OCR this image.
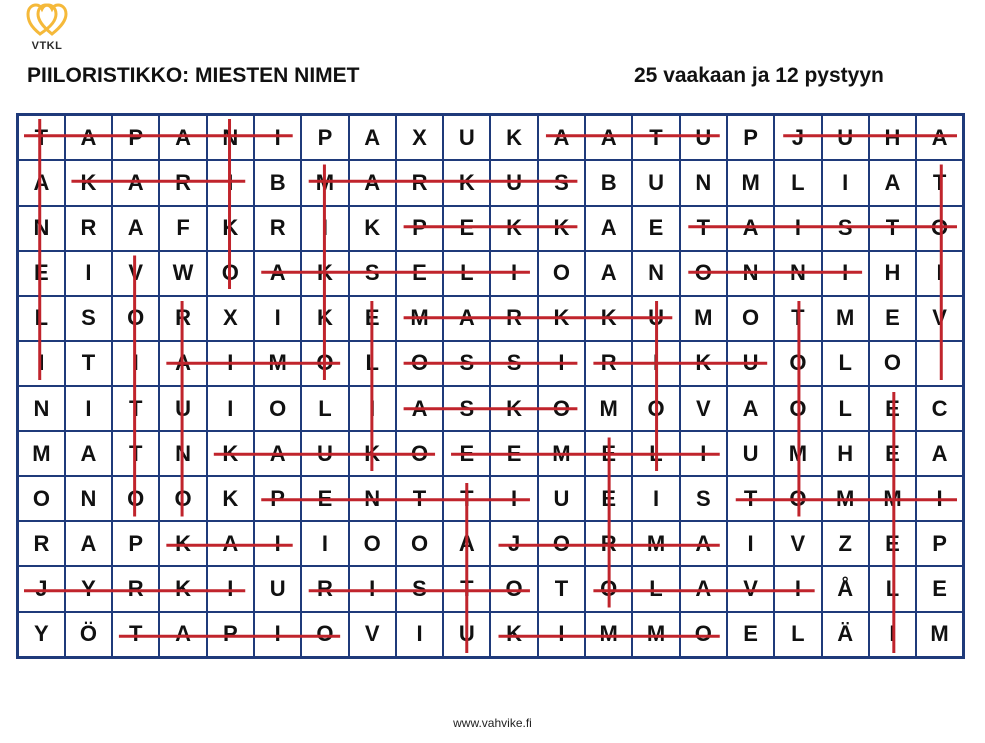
VTKL
PIILORISTIKKO: MIESTEN NIMET	25 vaakaan ja 12 pystyyn
T	A	P	A	N	I	P	A	X	U	K	A	A	T	U	P	J	U	H	A
A	K	A	R	I	B	M	A	R	K	U	S	B	U	N	M	L	I	A	T
N	R	A	F	K	R	I	K	P	E	K	K	A	E	T	A	I	S	T	O
E	I	V	W	O	A	K	S	E	L	I	O	A	N	O	N	N	I	H	I
L	S	O	R	X	I	K	E	M	A	R	K	K	U	M	O	T	M	E	V
I	T	I	A	I	M	O	L	O	S	S	I	R	I	K	U	O	L	O	
N	I	T	U	I	O	L	I	A	S	K	O	M	O	V	A	O	L	E	C
M	A	T	N	K	A	U	K	O	E	E	M	E	L	I	U	M	H	E	A
O	N	O	O	K	P	E	N	T	T	I	U	E	I	S	T	O	M	M	I
R	A	P	K	A	I	I	O	O	A	J	O	R	M	A	I	V	Z	E	P
J	Y	R	K	I	U	R	I	S	T	O	T	O	L	A	V	I	Å	L	E
Y	Ö	T	A	P	I	O	V	I	U	K	I	M	M	O	E	L	Ä	I	M
www.vahvike.fi
